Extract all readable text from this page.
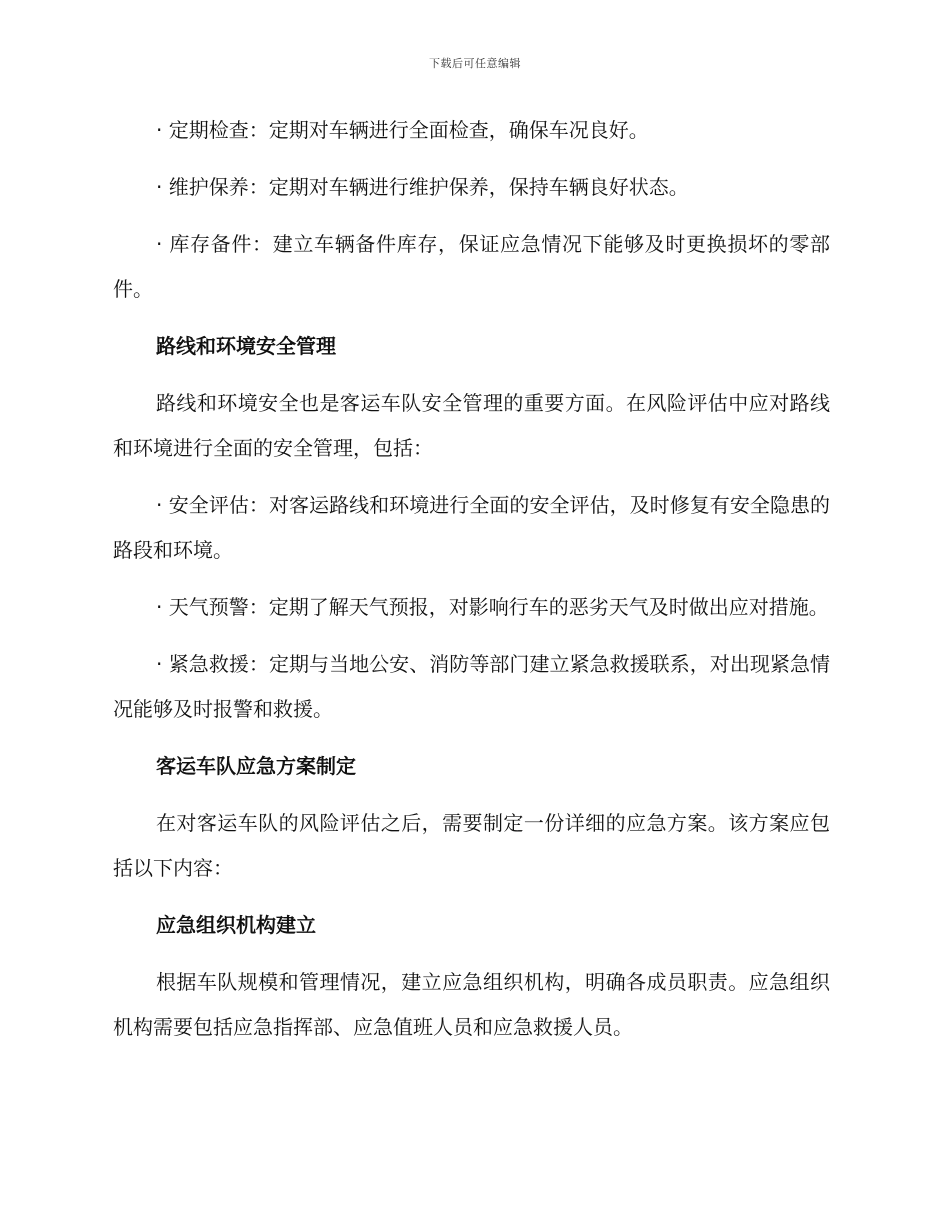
下载后可任意编辑

· 定期检查：定期对车辆进行全面检查，确保车况良好。

· 维护保养：定期对车辆进行维护保养，保持车辆良好状态。

· 库存备件：建立车辆备件库存，保证应急情况下能够及时更换损坏的零部件。

路线和环境安全管理

路线和环境安全也是客运车队安全管理的重要方面。在风险评估中应对路线和环境进行全面的安全管理，包括：

· 安全评估：对客运路线和环境进行全面的安全评估，及时修复有安全隐患的路段和环境。

· 天气预警：定期了解天气预报，对影响行车的恶劣天气及时做出应对措施。

· 紧急救援：定期与当地公安、消防等部门建立紧急救援联系，对出现紧急情况能够及时报警和救援。

客运车队应急方案制定

在对客运车队的风险评估之后，需要制定一份详细的应急方案。该方案应包括以下内容：

应急组织机构建立

根据车队规模和管理情况，建立应急组织机构，明确各成员职责。应急组织机构需要包括应急指挥部、应急值班人员和应急救援人员。
